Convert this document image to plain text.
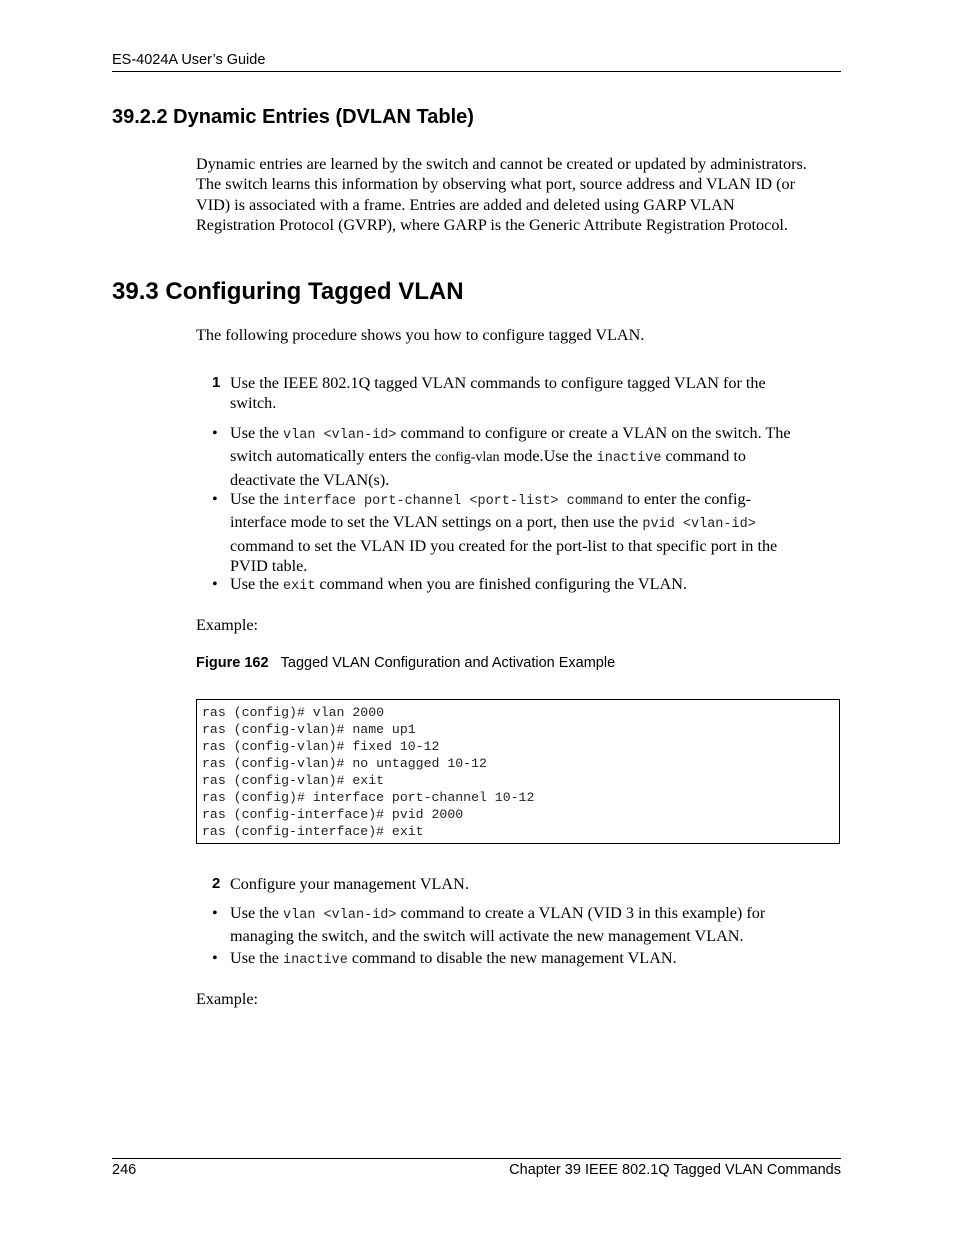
ES-4024A User’s Guide
39.2.2 Dynamic Entries (DVLAN Table)
Dynamic entries are learned by the switch and cannot be created or updated by administrators.
The switch learns this information by observing what port, source address and VLAN ID (or
VID) is associated with a frame. Entries are added and deleted using GARP VLAN
Registration Protocol (GVRP), where GARP is the Generic Attribute Registration Protocol.
39.3 Configuring Tagged VLAN
The following procedure shows you how to configure tagged VLAN.
1 Use the IEEE 802.1Q tagged VLAN commands to configure tagged VLAN for the
switch.
• Use the vlan <vlan-id> command to configure or create a VLAN on the switch. The
switch automatically enters the config-vlan mode.Use the inactive command to
deactivate the VLAN(s).
• Use the interface port-channel <port-list> command to enter the config-
interface mode to set the VLAN settings on a port, then use the pvid <vlan-id>
command to set the VLAN ID you created for the port-list to that specific port in the
PVID table.
• Use the exit command when you are finished configuring the VLAN.
Example:
Figure 162 Tagged VLAN Configuration and Activation Example
ras (config)# vlan 2000
ras (config-vlan)# name up1
ras (config-vlan)# fixed 10-12
ras (config-vlan)# no untagged 10-12
ras (config-vlan)# exit
ras (config)# interface port-channel 10-12
ras (config-interface)# pvid 2000
ras (config-interface)# exit
2 Configure your management VLAN.
• Use the vlan <vlan-id> command to create a VLAN (VID 3 in this example) for
managing the switch, and the switch will activate the new management VLAN.
• Use the inactive command to disable the new management VLAN.
Example:
246	Chapter 39 IEEE 802.1Q Tagged VLAN Commands
